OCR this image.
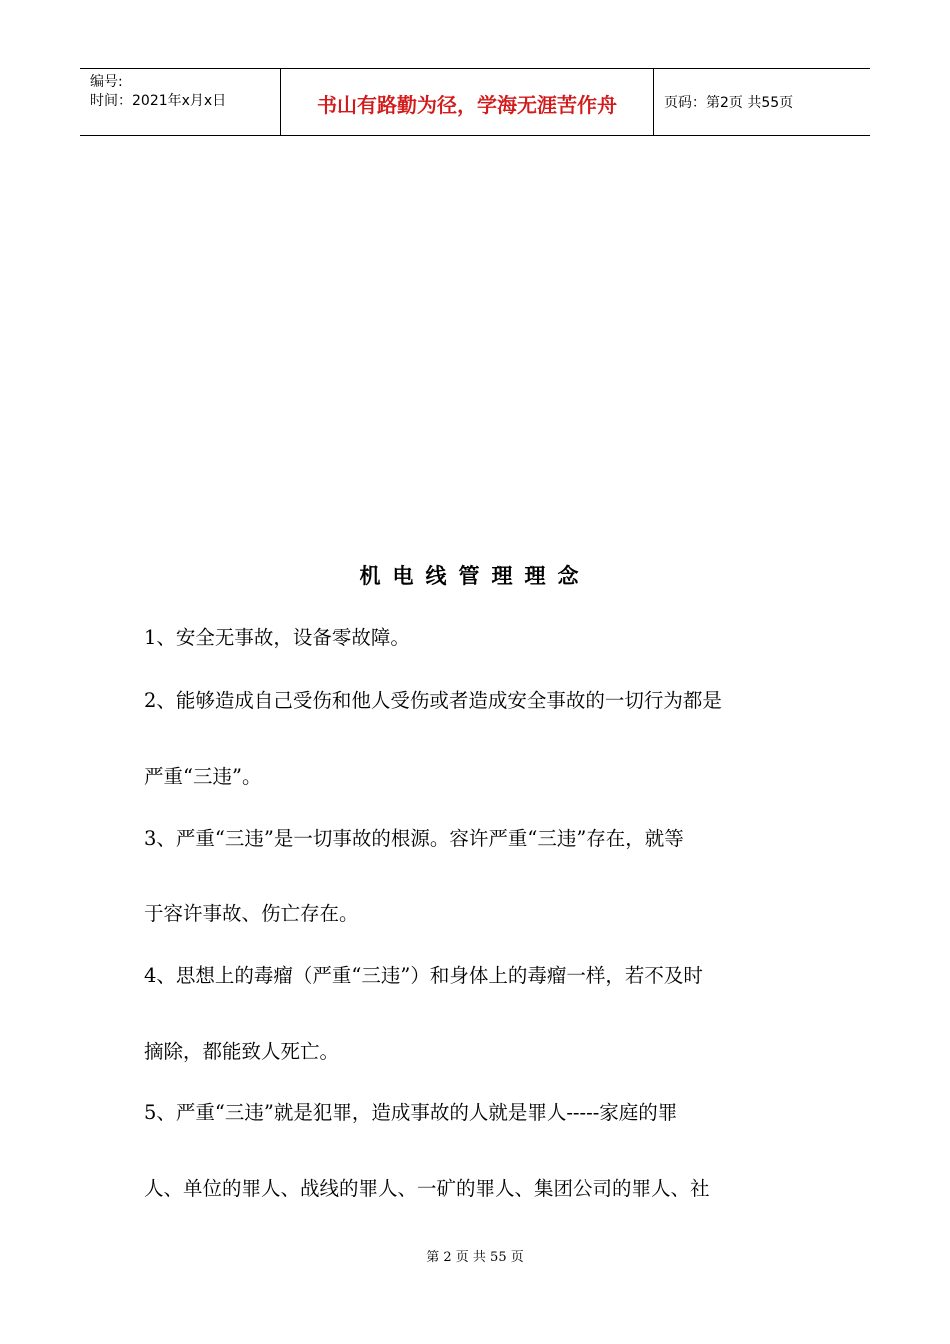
编号:
时间：2021年x月x日	书山有路勤为径，学海无涯苦作舟	页码：第2页 共55页
机电线管理理念
1、安全无事故，设备零故障。
2、能够造成自己受伤和他人受伤或者造成安全事故的一切行为都是
严重“三违”。
3、严重“三违”是一切事故的根源。容许严重“三违”存在，就等
于容许事故、伤亡存在。
4、思想上的毒瘤（严重“三违”）和身体上的毒瘤一样，若不及时
摘除，都能致人死亡。
5、严重“三违”就是犯罪，造成事故的人就是罪人-----家庭的罪
人、单位的罪人、战线的罪人、一矿的罪人、集团公司的罪人、社
第 2 页 共 55 页
